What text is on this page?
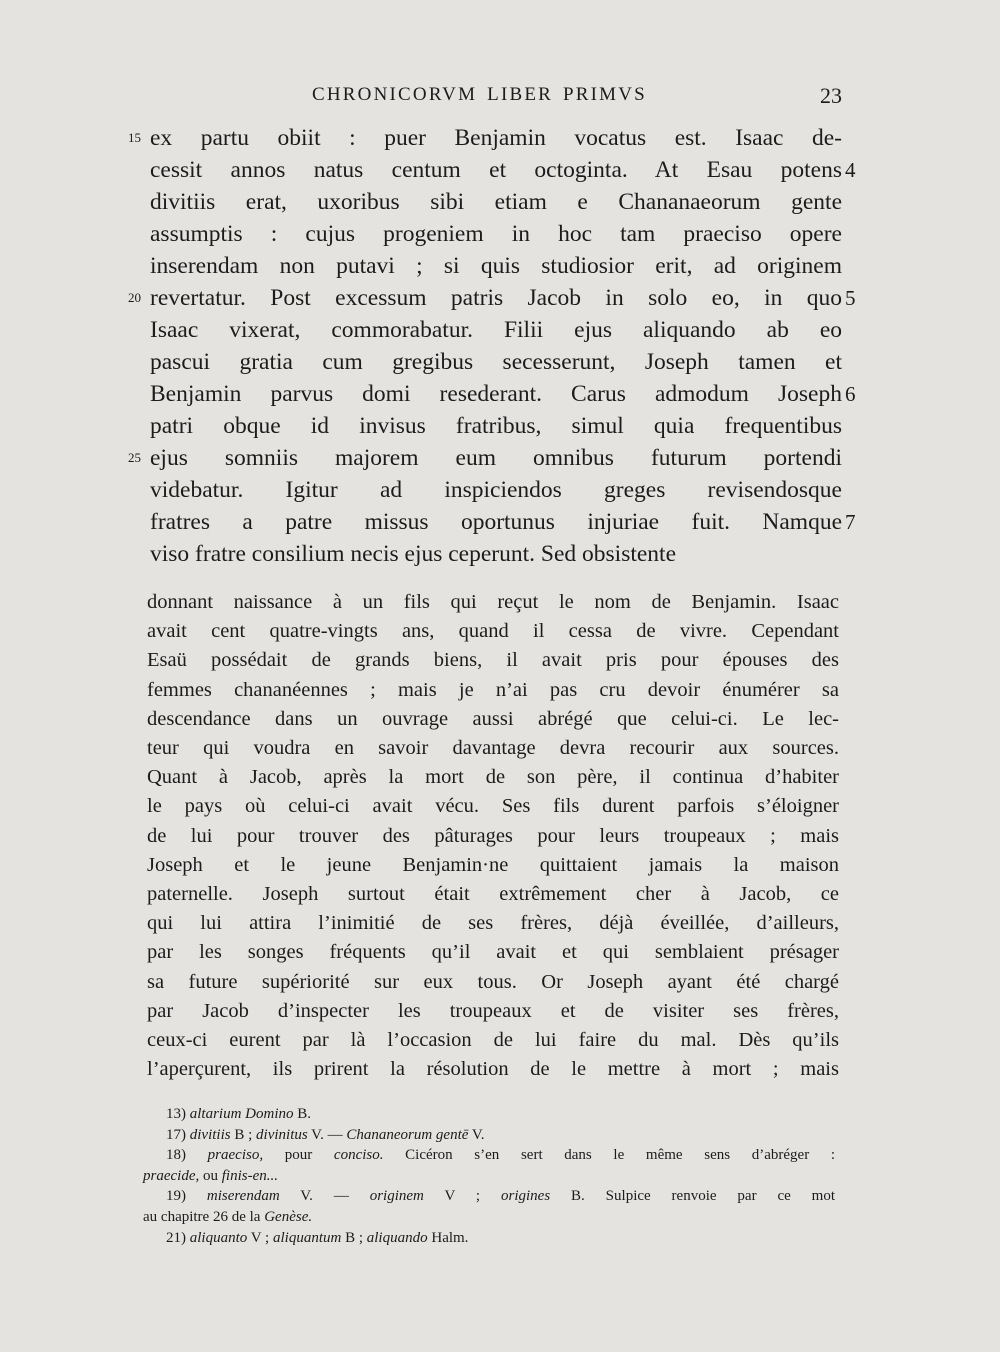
CHRONICORVM LIBER PRIMVS	23
ex partu obiit : puer Benjamin vocatus est. Isaac de-
15
cessit annos natus centum et octoginta. At Esau potens 4
divitiis erat, uxoribus sibi etiam e Chananaeorum gente
assumptis : cujus progeniem in hoc tam praeciso opere
inserendam non putavi ; si quis studiosior erit, ad originem
revertatur. Post excessum patris Jacob in solo eo, in quo
20	5
Isaac vixerat, commorabatur. Filii ejus aliquando ab eo
pascui gratia cum gregibus secesserunt, Joseph tamen et
Benjamin parvus domi resederant. Carus admodum Joseph 6
patri obque id invisus fratribus, simul quia frequentibus
ejus somniis majorem eum omnibus futurum portendi
25
videbatur. Igitur ad inspiciendos greges revisendosque
fratres a patre missus oportunus injuriae fuit. Namque 7
viso fratre consilium necis ejus ceperunt. Sed obsistente
donnant naissance à un fils qui reçut le nom de Benjamin. Isaac
avait cent quatre-vingts ans, quand il cessa de vivre. Cependant
Esaü possédait de grands biens, il avait pris pour épouses des
femmes chananéennes ; mais je n’ai pas cru devoir énumérer sa
descendance dans un ouvrage aussi abrégé que celui-ci. Le lec-
teur qui voudra en savoir davantage devra recourir aux sources.
Quant à Jacob, après la mort de son père, il continua d’habiter
le pays où celui-ci avait vécu. Ses fils durent parfois s’éloigner
de lui pour trouver des pâturages pour leurs troupeaux ; mais
Joseph et le jeune Benjamin·ne quittaient jamais la maison
paternelle. Joseph surtout était extrêmement cher à Jacob, ce
qui lui attira l’inimitié de ses frères, déjà éveillée, d’ailleurs,
par les songes fréquents qu’il avait et qui semblaient présager
sa future supériorité sur eux tous. Or Joseph ayant été chargé
par Jacob d’inspecter les troupeaux et de visiter ses frères,
ceux-ci eurent par là l’occasion de lui faire du mal. Dès qu’ils
l’aperçurent, ils prirent la résolution de le mettre à mort ; mais
13) altarium Domino B.
17) divitiis B ; divinitus V. — Chananeorum gentē V.
18) praeciso, pour conciso. Cicéron s’en sert dans le même sens d’abréger :
praecide, ou finis-en...
19) miserendam V. — originem V ; origines B. Sulpice renvoie par ce mot
au chapitre 26 de la Genèse.
21) aliquanto V ; aliquantum B ; aliquando Halm.
